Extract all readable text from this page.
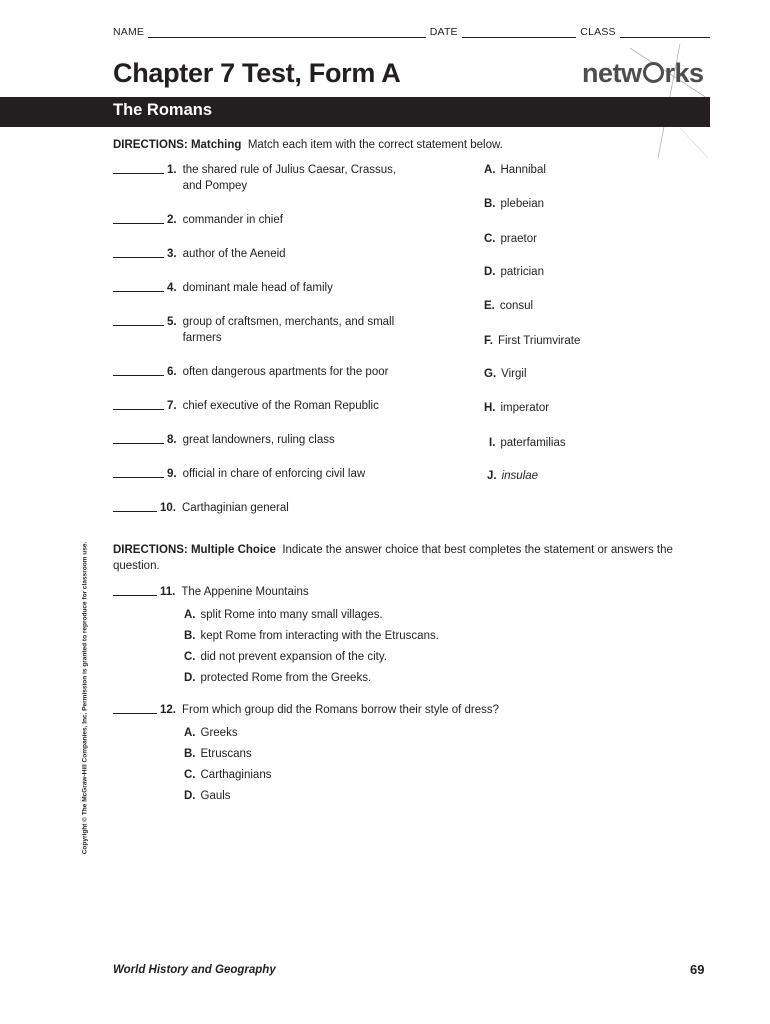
NAME	DATE	CLASS
Chapter 7 Test, Form A	netw rks
The Romans
DIRECTIONS: Matching Match each item with the correct statement below.
1. the shared rule of Julius Caesar, Crassus, and Pompey
2. commander in chief
3. author of the Aeneid
4. dominant male head of family
5. group of craftsmen, merchants, and small farmers
6. often dangerous apartments for the poor
7. chief executive of the Roman Republic
8. great landowners, ruling class
9. official in chare of enforcing civil law
10. Carthaginian general
A. Hannibal
B. plebeian
C. praetor
D. patrician
E. consul
F. First Triumvirate
G. Virgil
H. imperator
I. paterfamilias
J. insulae
DIRECTIONS: Multiple Choice Indicate the answer choice that best completes the statement or answers the question.
11. The Appenine Mountains
A. split Rome into many small villages.
B. kept Rome from interacting with the Etruscans.
C. did not prevent expansion of the city.
D. protected Rome from the Greeks.
12. From which group did the Romans borrow their style of dress?
A. Greeks
B. Etruscans
C. Carthaginians
D. Gauls
Copyright © The McGraw-Hill Companies, Inc. Permission is granted to reproduce for classroom use.
World History and Geography	69
